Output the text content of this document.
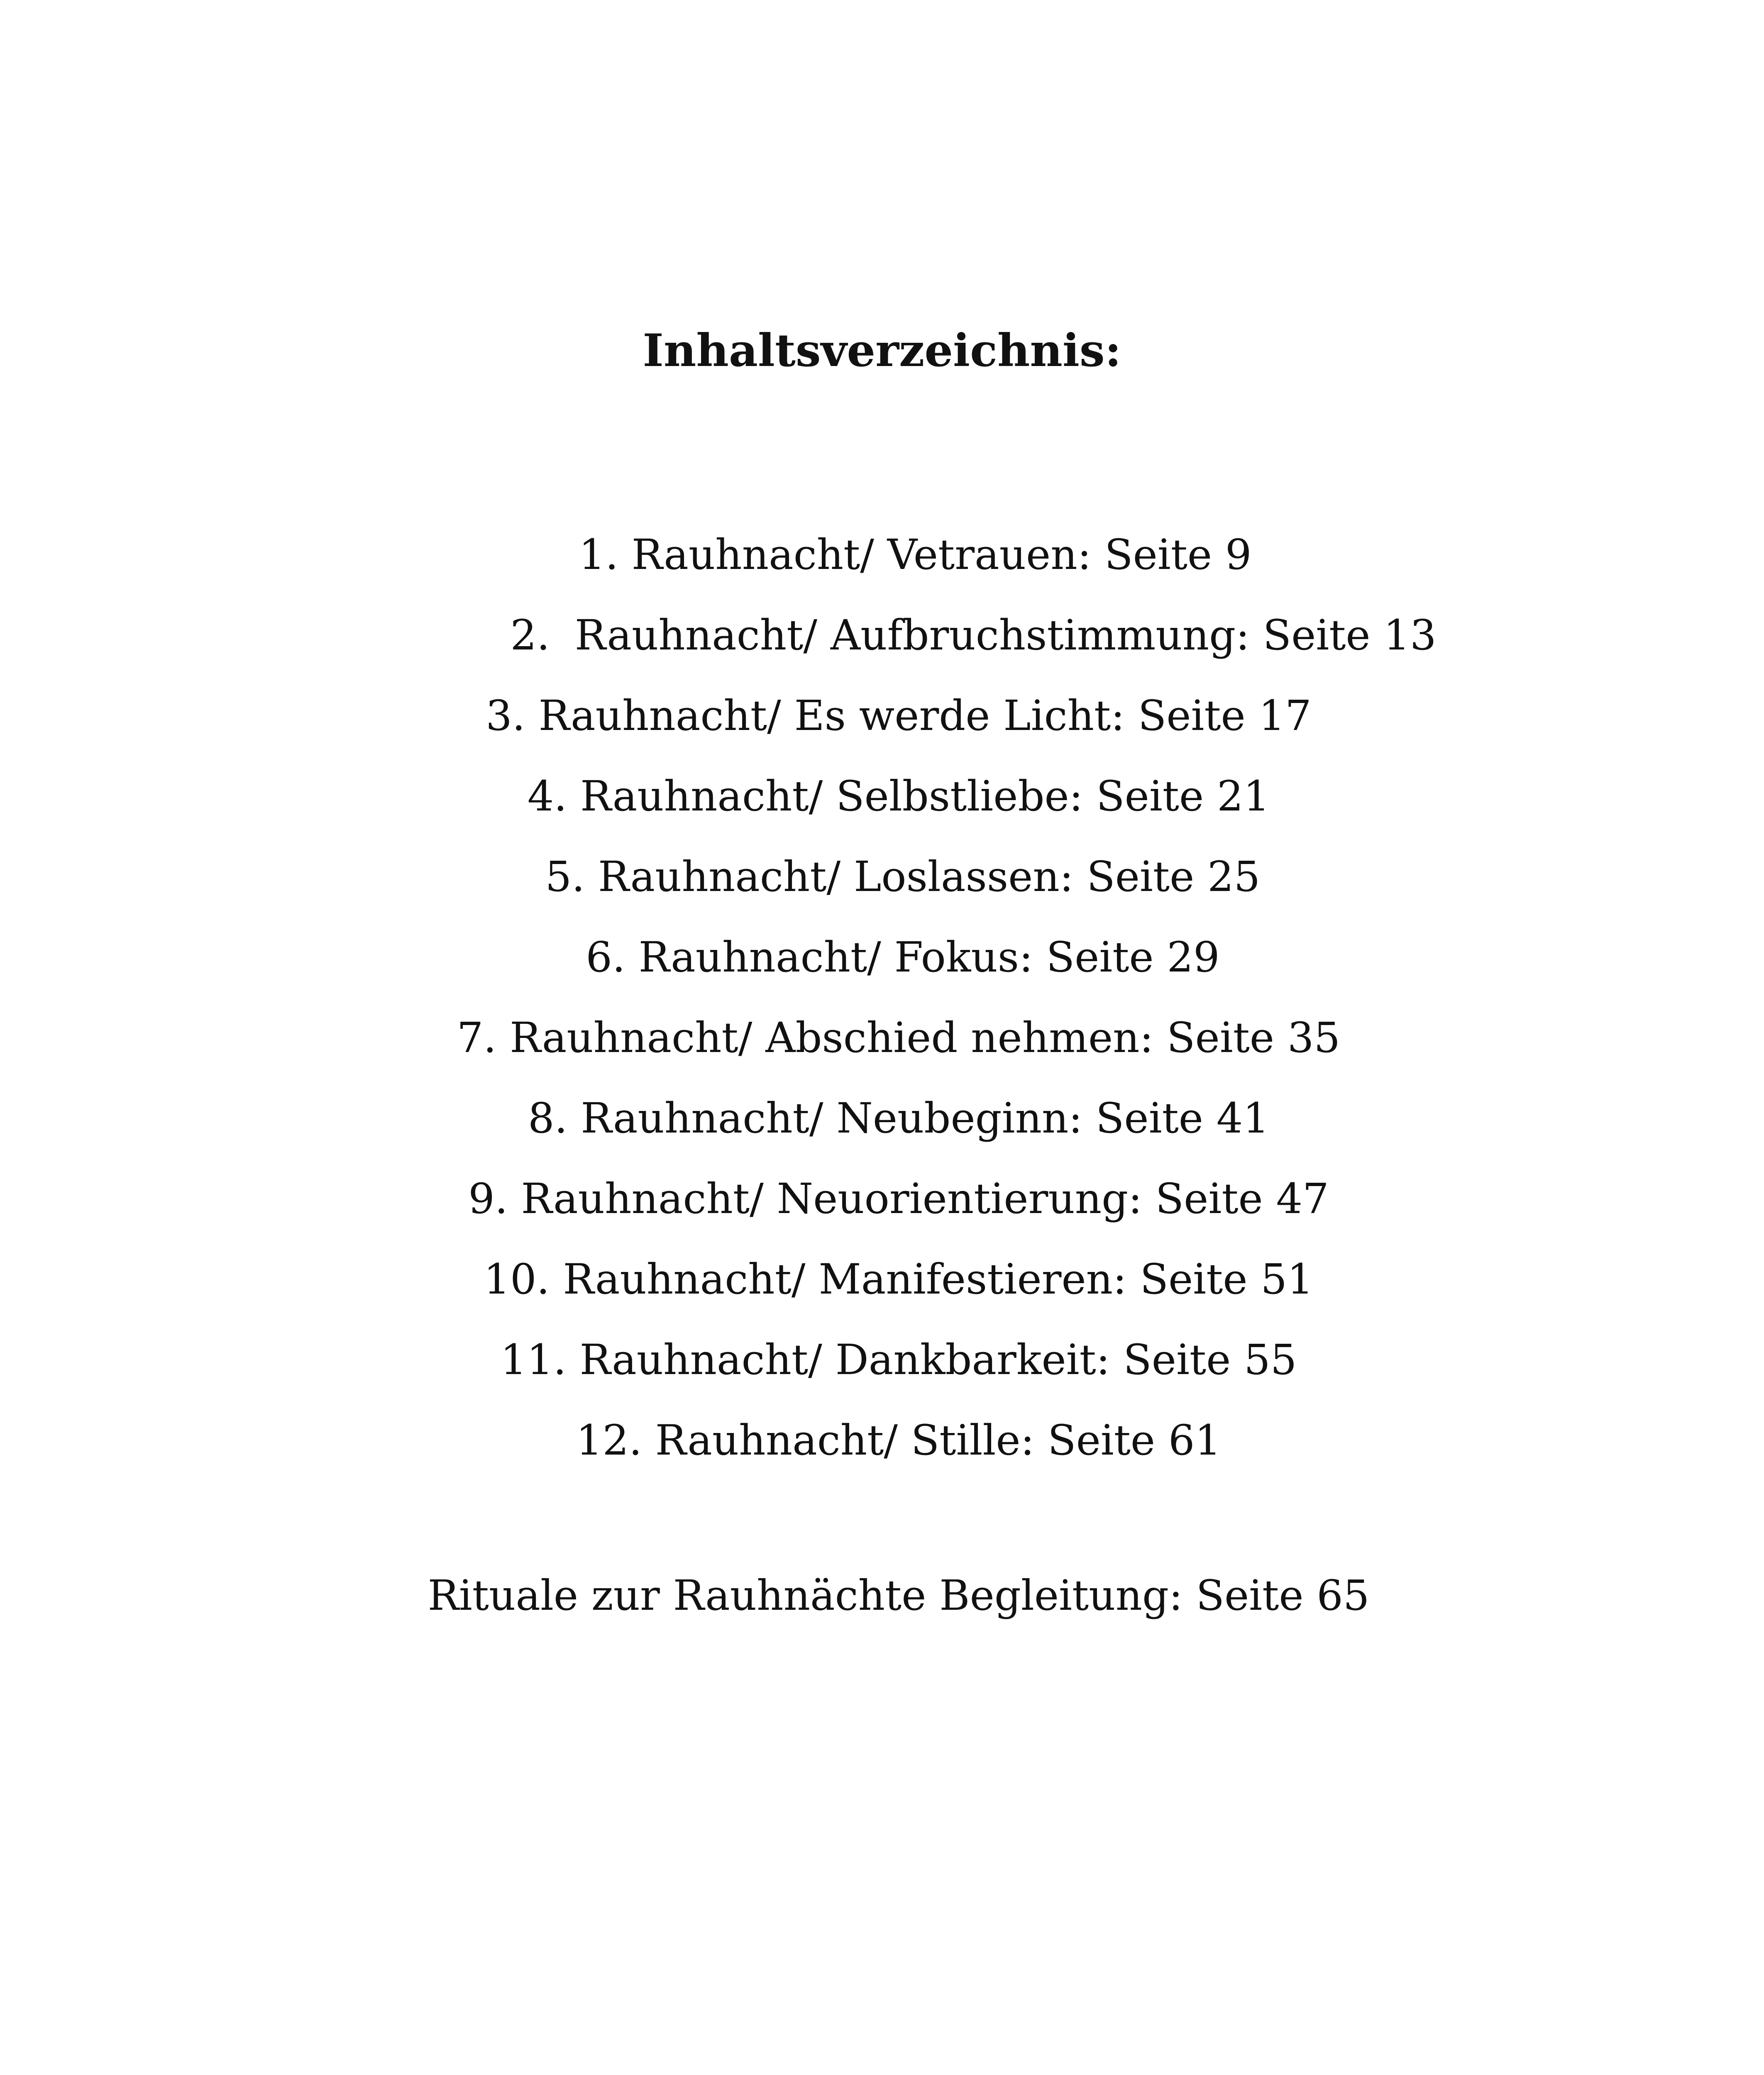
Inhaltsverzeichnis:
1.
Rauhnacht/ Vetrauen: Seite 9
2. Rauhnacht/ Aufbruchstimmung: Seite 13
3.
Rauhnacht/ Es werde Licht: Seite 17
4.
Rauhnacht/ Selbstliebe: Seite 21
5.
Rauhnacht/ Loslassen: Seite 25
6.
Rauhnacht/ Fokus: Seite 29
7.
Rauhnacht/ Abschied nehmen: Seite 35
8.
Rauhnacht/ Neubeginn: Seite 41
9.
Rauhnacht/ Neuorientierung: Seite 47
10.
Rauhnacht/ Manifestieren: Seite 51
11.
Rauhnacht/ Dankbarkeit: Seite 55
12.
Rauhnacht/ Stille: Seite 61
Rituale zur Rauhnächte Begleitung: Seite 65
